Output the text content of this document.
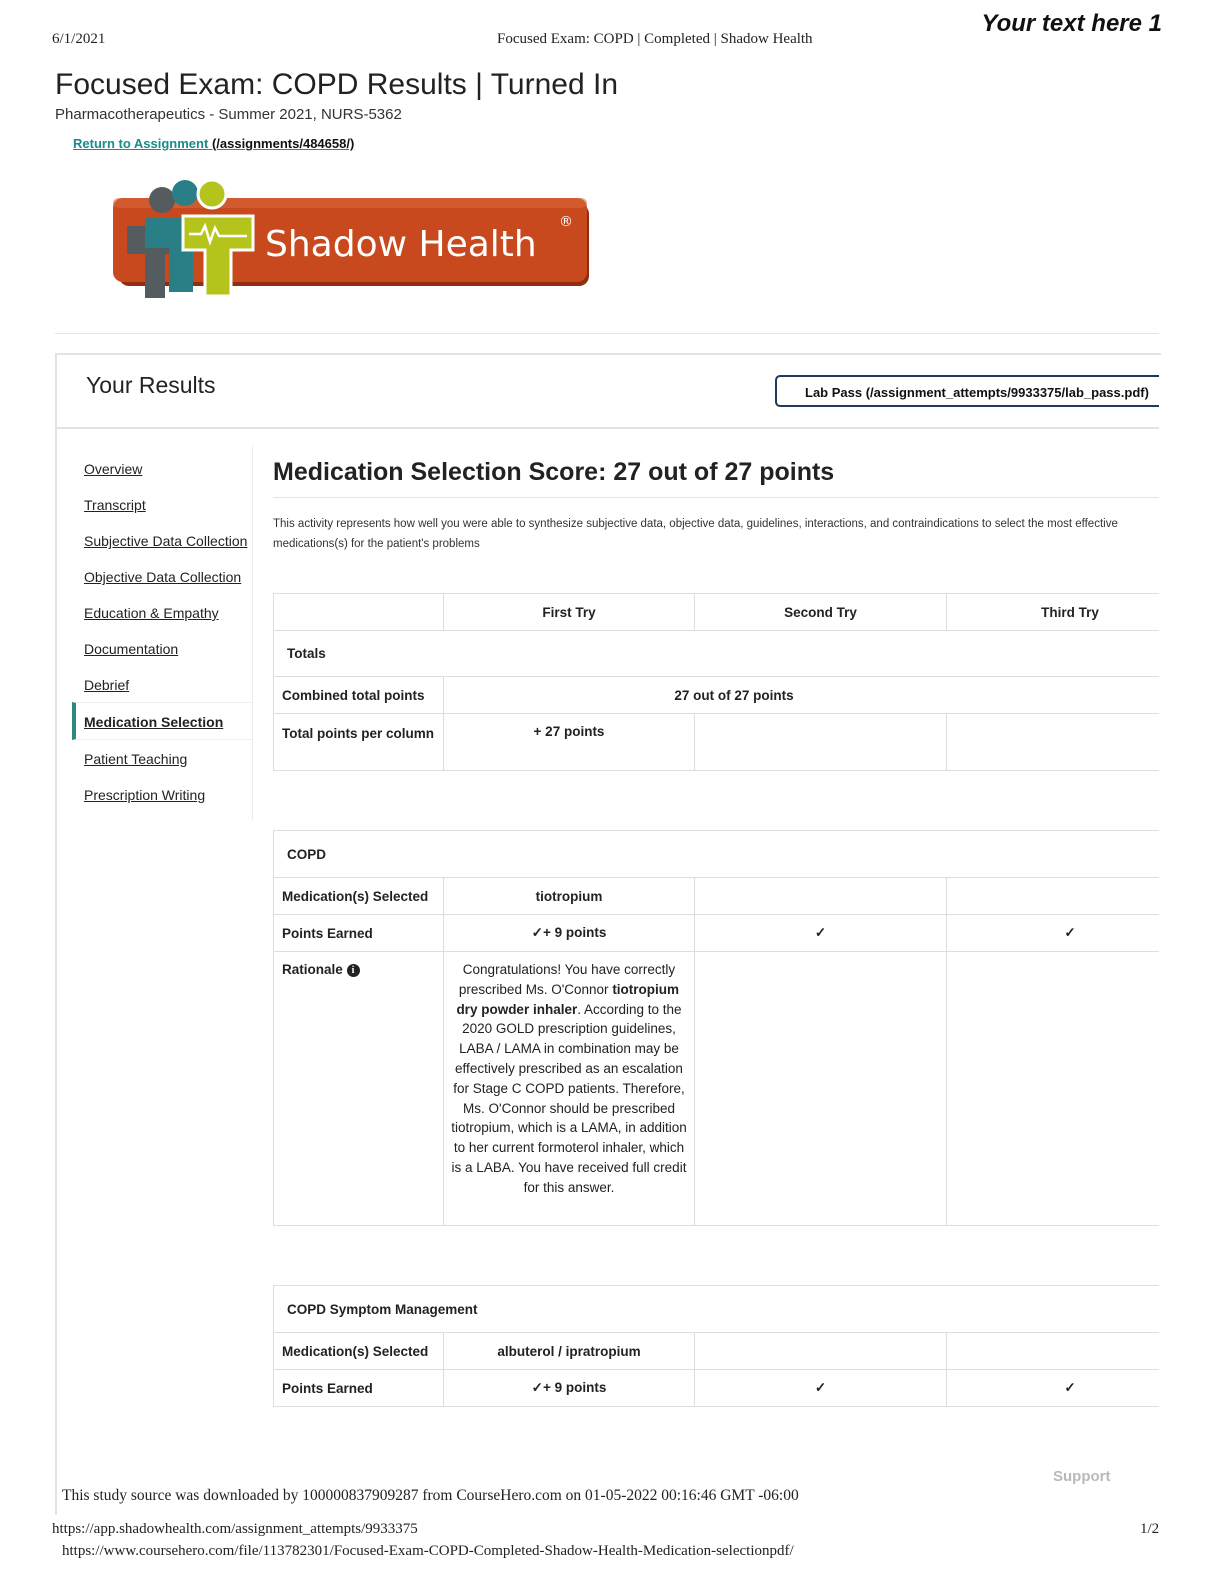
6/1/2021	Focused Exam: COPD | Completed | Shadow Health
Your text here 1
Focused Exam: COPD Results | Turned In
Pharmacotherapeutics - Summer 2021, NURS-5362
Return to Assignment (/assignments/484658/)
Shadow Health
®
Your Results	Lab Pass (/assignment_attempts/9933375/lab_pass.pdf)
Overview
Transcript
Subjective Data Collection
Objective Data Collection
Education & Empathy
Documentation
Debrief
Medication Selection
Patient Teaching
Prescription Writing
Medication Selection Score: 27 out of 27 points
This activity represents how well you were able to synthesize subjective data, objective data, guidelines, interactions, and contraindications to select the most effective medications(s) for the patient's problems
	First Try	Second Try	Third Try
Totals			
Combined total points	27 out of 27 points		
Total points per column	+ 27 points		
COPD			
Medication(s) Selected	tiotropium		
Points Earned	✓+ 9 points	✓	✓
Rationale i	Congratulations! You have correctly prescribed Ms. O'Connor tiotropium dry powder inhaler. According to the 2020 GOLD prescription guidelines, LABA / LAMA in combination may be effectively prescribed as an escalation for Stage C COPD patients. Therefore, Ms. O'Connor should be prescribed tiotropium, which is a LAMA, in addition to her current formoterol inhaler, which is a LABA. You have received full credit for this answer.		
COPD Symptom Management			
Medication(s) Selected	albuterol / ipratropium		
Points Earned	✓+ 9 points	✓	✓
Support
This study source was downloaded by 100000837909287 from CourseHero.com on 01-05-2022 00:16:46 GMT -06:00
https://app.shadowhealth.com/assignment_attempts/9933375	1/2
https://www.coursehero.com/file/113782301/Focused-Exam-COPD-Completed-Shadow-Health-Medication-selectionpdf/
